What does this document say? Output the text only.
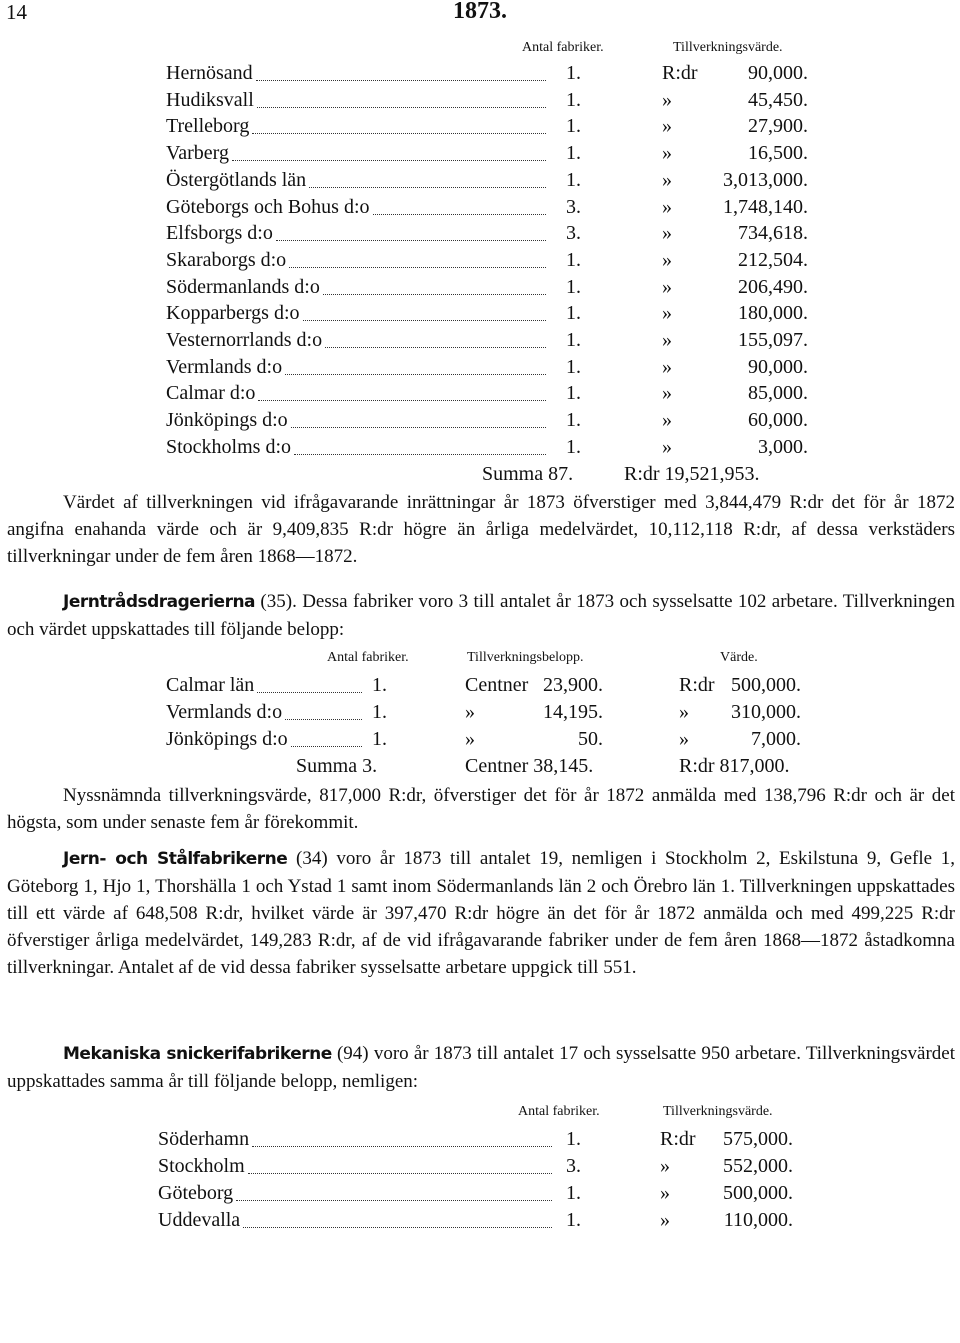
14	1873.
Antal fabriker.	Tillverkningsvärde.
Hernösand	1.	R:dr	90,000.
Hudiksvall	1.	»	45,450.
Trelleborg	1.	»	27,900.
Varberg	1.	»	16,500.
Östergötlands län	1.	»	3,013,000.
Göteborgs och Bohus d:o	3.	»	1,748,140.
Elfsborgs d:o	3.	»	734,618.
Skaraborgs d:o	1.	»	212,504.
Södermanlands d:o	1.	»	206,490.
Kopparbergs d:o	1.	»	180,000.
Vesternorrlands d:o	1.	»	155,097.
Vermlands d:o	1.	»	90,000.
Calmar d:o	1.	»	85,000.
Jönköpings d:o	1.	»	60,000.
Stockholms d:o	1.	»	3,000.
Summa 87.	R:dr 19,521,953.

Värdet af tillverkningen vid ifrågavarande inrättningar år 1873 öfverstiger med 3,844,479 R:dr det för år 1872 angifna enahanda värde och är 9,409,835 R:dr högre än årliga medelvärdet, 10,112,118 R:dr, af dessa verkstäders tillverkningar under de fem åren 1868—1872.

Jerntrådsdragerierna (35). Dessa fabriker voro 3 till antalet år 1873 och sysselsatte 102 arbetare. Tillverkningen och värdet uppskattades till följande belopp:

Antal fabriker.	Tillverkningsbelopp.	Värde.
Calmar län	1.	Centner 23,900.	R:dr 500,000.
Vermlands d:o	1.	»	14,195.	»	310,000.
Jönköpings d:o	1.	»	50.	»	7,000.
Summa 3.	Centner 38,145.	R:dr 817,000.

Nyssnämnda tillverkningsvärde, 817,000 R:dr, öfverstiger det för år 1872 anmälda med 138,796 R:dr och är det högsta, som under senaste fem år förekommit.

Jern- och Stålfabrikerne (34) voro år 1873 till antalet 19, nemligen i Stockholm 2, Eskilstuna 9, Gefle 1, Göteborg 1, Hjo 1, Thorshälla 1 och Ystad 1 samt inom Södermanlands län 2 och Örebro län 1. Tillverkningen uppskattades till ett värde af 648,508 R:dr, hvilket värde är 397,470 R:dr högre än det för år 1872 anmälda och med 499,225 R:dr öfverstiger årliga medelvärdet, 149,283 R:dr, af de vid ifrågavarande fabriker under de fem åren 1868—1872 åstadkomna tillverkningar. Antalet af de vid dessa fabriker sysselsatte arbetare uppgick till 551.

Mekaniska snickerifabrikerne (94) voro år 1873 till antalet 17 och sysselsatte 950 arbetare. Tillverkningsvärdet uppskattades samma år till följande belopp, nemligen:

Antal fabriker.	Tillverkningsvärde.
Söderhamn	1.	R:dr	575,000.
Stockholm	3.	»	552,000.
Göteborg	1.	»	500,000.
Uddevalla	1.	»	110,000.
